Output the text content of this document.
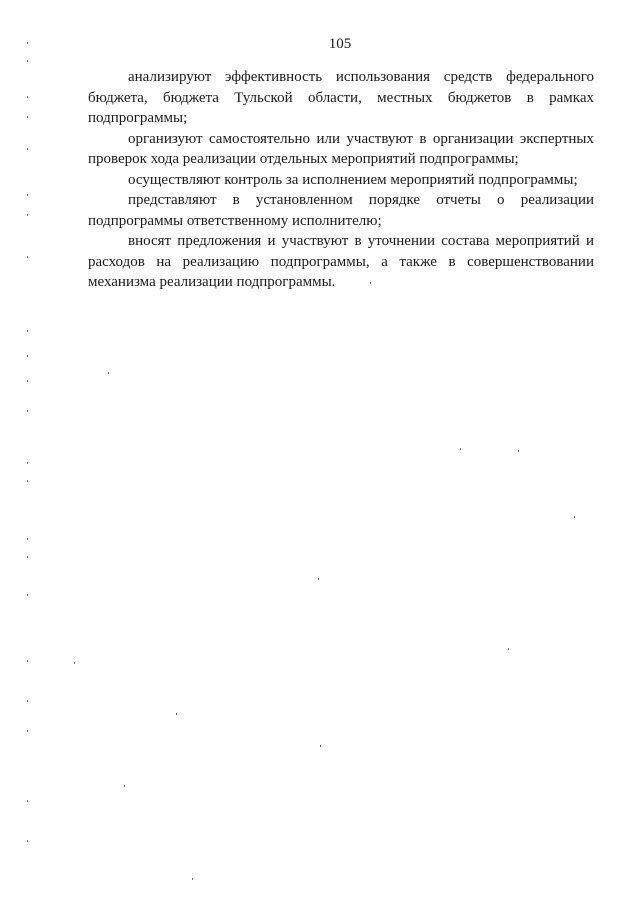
105

анализируют эффективность использования средств федерального бюджета, бюджета Тульской области, местных бюджетов в рамках подпрограммы;

организуют самостоятельно или участвуют в организации экспертных проверок хода реализации отдельных мероприятий подпрограммы;

осуществляют контроль за исполнением мероприятий подпрограммы;

представляют в установленном порядке отчеты о реализации подпрограммы ответственному исполнителю;

вносят предложения и участвуют в уточнении состава мероприятий и расходов на реализацию подпрограммы, а также в совершенствовании механизма реализации подпрограммы.
